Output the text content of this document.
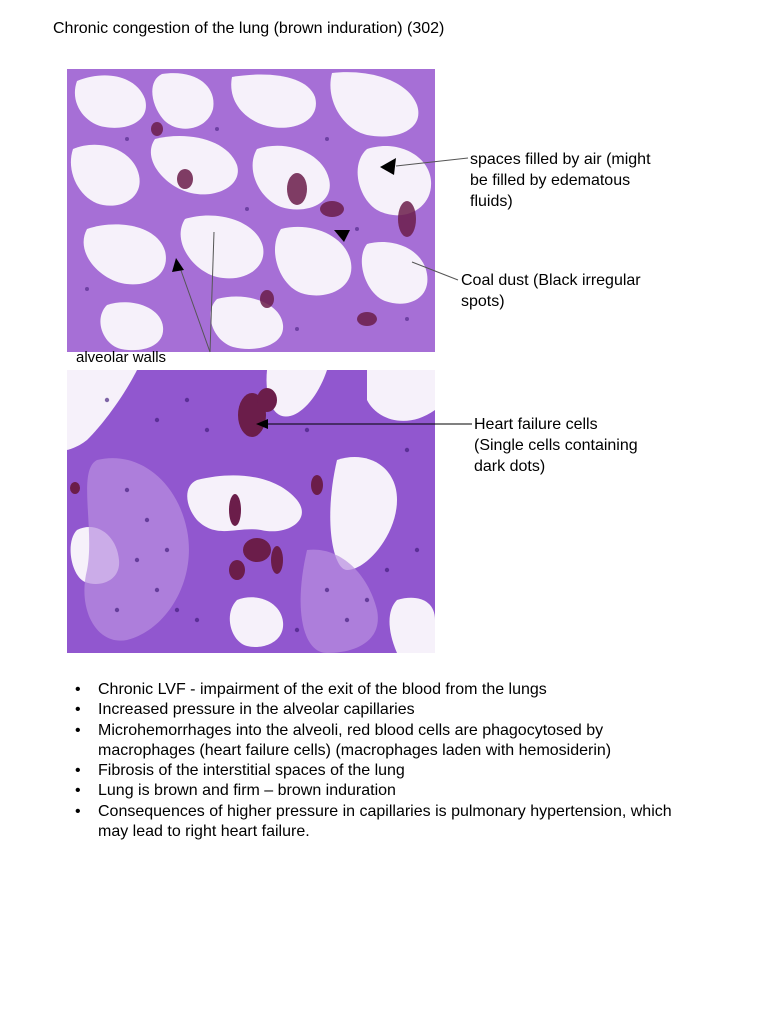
Chronic congestion of the lung (brown induration) (302)
spaces filled by air (might
be filled by edematous
fluids)
Coal dust (Black irregular
spots)
alveolar walls
Heart failure cells
(Single cells containing
dark dots)
• Chronic LVF - impairment of the exit of the blood from the lungs
• Increased pressure in the alveolar capillaries
• Microhemorrhages into the alveoli, red blood cells are phagocytosed by macrophages (heart failure cells) (macrophages laden with hemosiderin)
• Fibrosis of the interstitial spaces of the lung
• Lung is brown and firm – brown induration
• Consequences of higher pressure in capillaries is pulmonary hypertension, which may lead to right heart failure.
